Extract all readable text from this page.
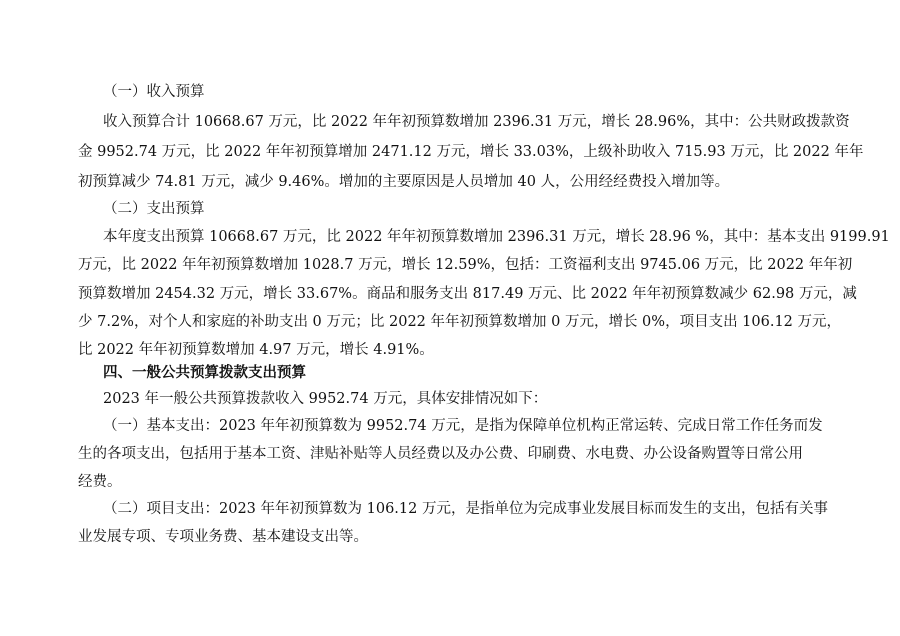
（一）收入预算
收入预算合计 10668.67 万元，比 2022 年年初预算数增加 2396.31 万元，增长 28.96%，其中：公共财政拨款资
金 9952.74 万元，比 2022 年年初预算增加 2471.12 万元，增长 33.03%，上级补助收入 715.93 万元，比 2022 年年
初预算减少 74.81 万元，减少 9.46%。增加的主要原因是人员增加 40 人，公用经经费投入增加等。
（二）支出预算
本年度支出预算 10668.67 万元，比 2022 年年初预算数增加 2396.31 万元，增长 28.96 %，其中：基本支出 9199.91
万元，比 2022 年年初预算数增加 1028.7 万元，增长 12.59%，包括：工资福利支出 9745.06 万元，比 2022 年年初
预算数增加 2454.32 万元，增长 33.67%。商品和服务支出 817.49 万元、比 2022 年年初预算数减少 62.98 万元，减
少 7.2%，对个人和家庭的补助支出 0 万元；比 2022 年年初预算数增加 0 万元，增长 0%，项目支出 106.12 万元，
比 2022 年年初预算数增加 4.97 万元，增长 4.91%。
四、一般公共预算拨款支出预算
2023 年一般公共预算拨款收入 9952.74 万元，具体安排情况如下：
（一）基本支出：2023 年年初预算数为 9952.74 万元，是指为保障单位机构正常运转、完成日常工作任务而发
生的各项支出，包括用于基本工资、津贴补贴等人员经费以及办公费、印刷费、水电费、办公设备购置等日常公用
经费。
（二）项目支出：2023 年年初预算数为 106.12 万元，是指单位为完成事业发展目标而发生的支出，包括有关事
业发展专项、专项业务费、基本建设支出等。
